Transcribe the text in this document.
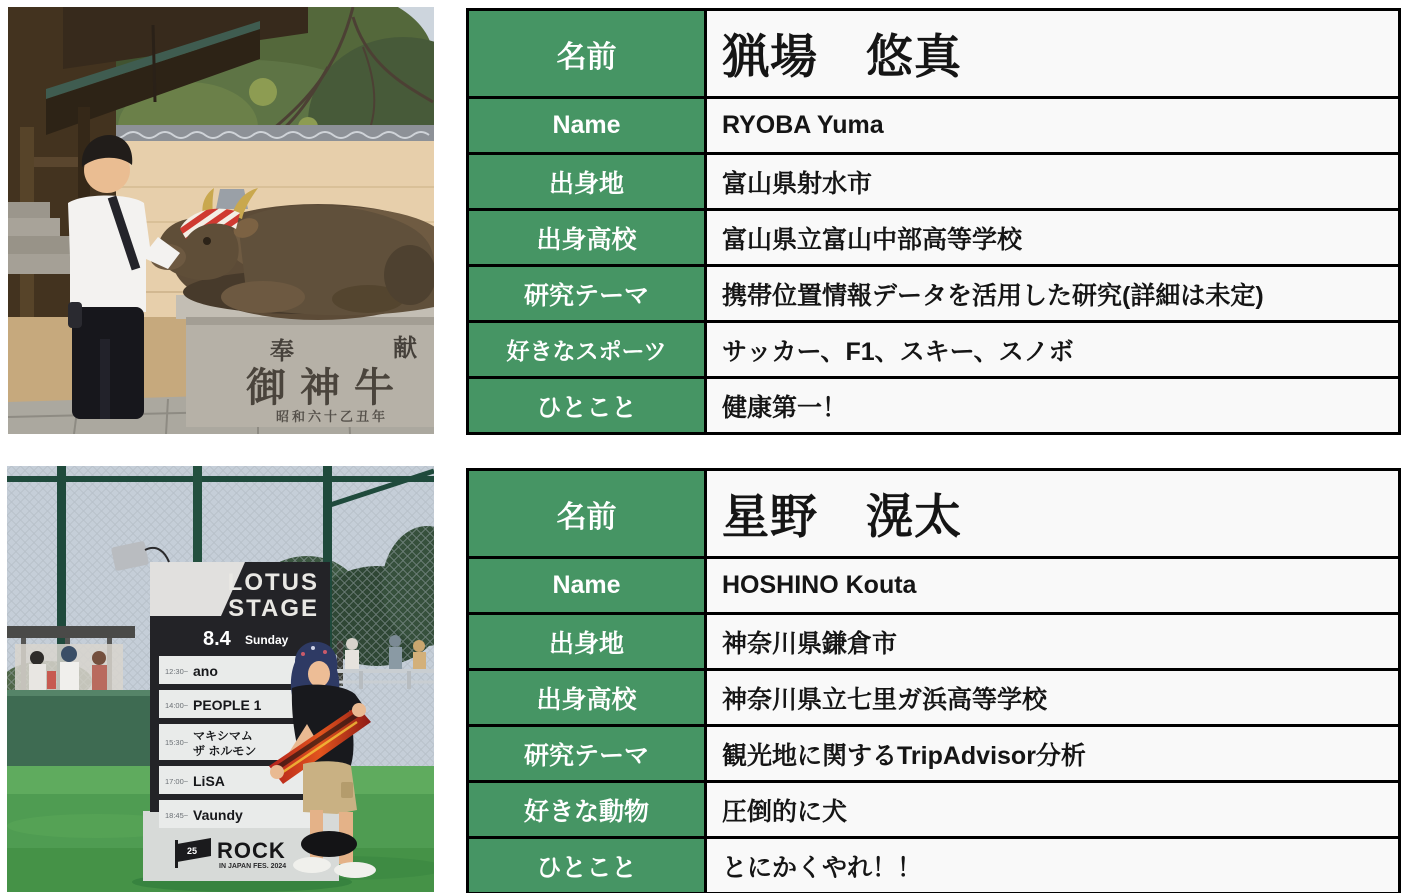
奉	献
御神牛
昭和六十乙丑年
名前	猟場　悠真
Name	RYOBA Yuma
出身地	富山県射水市
出身高校	富山県立富山中部高等学校
研究テーマ	携帯位置情報データを活用した研究(詳細は未定)
好きなスポーツ	サッカー、F1、スキー、スノボ
ひとこと	健康第一！
LOTUS
STAGE
8.4 Sunday
12:30~ ano
14:00~ PEOPLE 1
15:30~ マキシマム
ザ ホルモン
17:00~ LiSA
18:45~ Vaundy
25 ROCK
IN JAPAN FES. 2024
名前	星野　滉太
Name	HOSHINO Kouta
出身地	神奈川県鎌倉市
出身高校	神奈川県立七里ガ浜高等学校
研究テーマ	観光地に関するTripAdvisor分析
好きな動物	圧倒的に犬
ひとこと	とにかくやれ！！
